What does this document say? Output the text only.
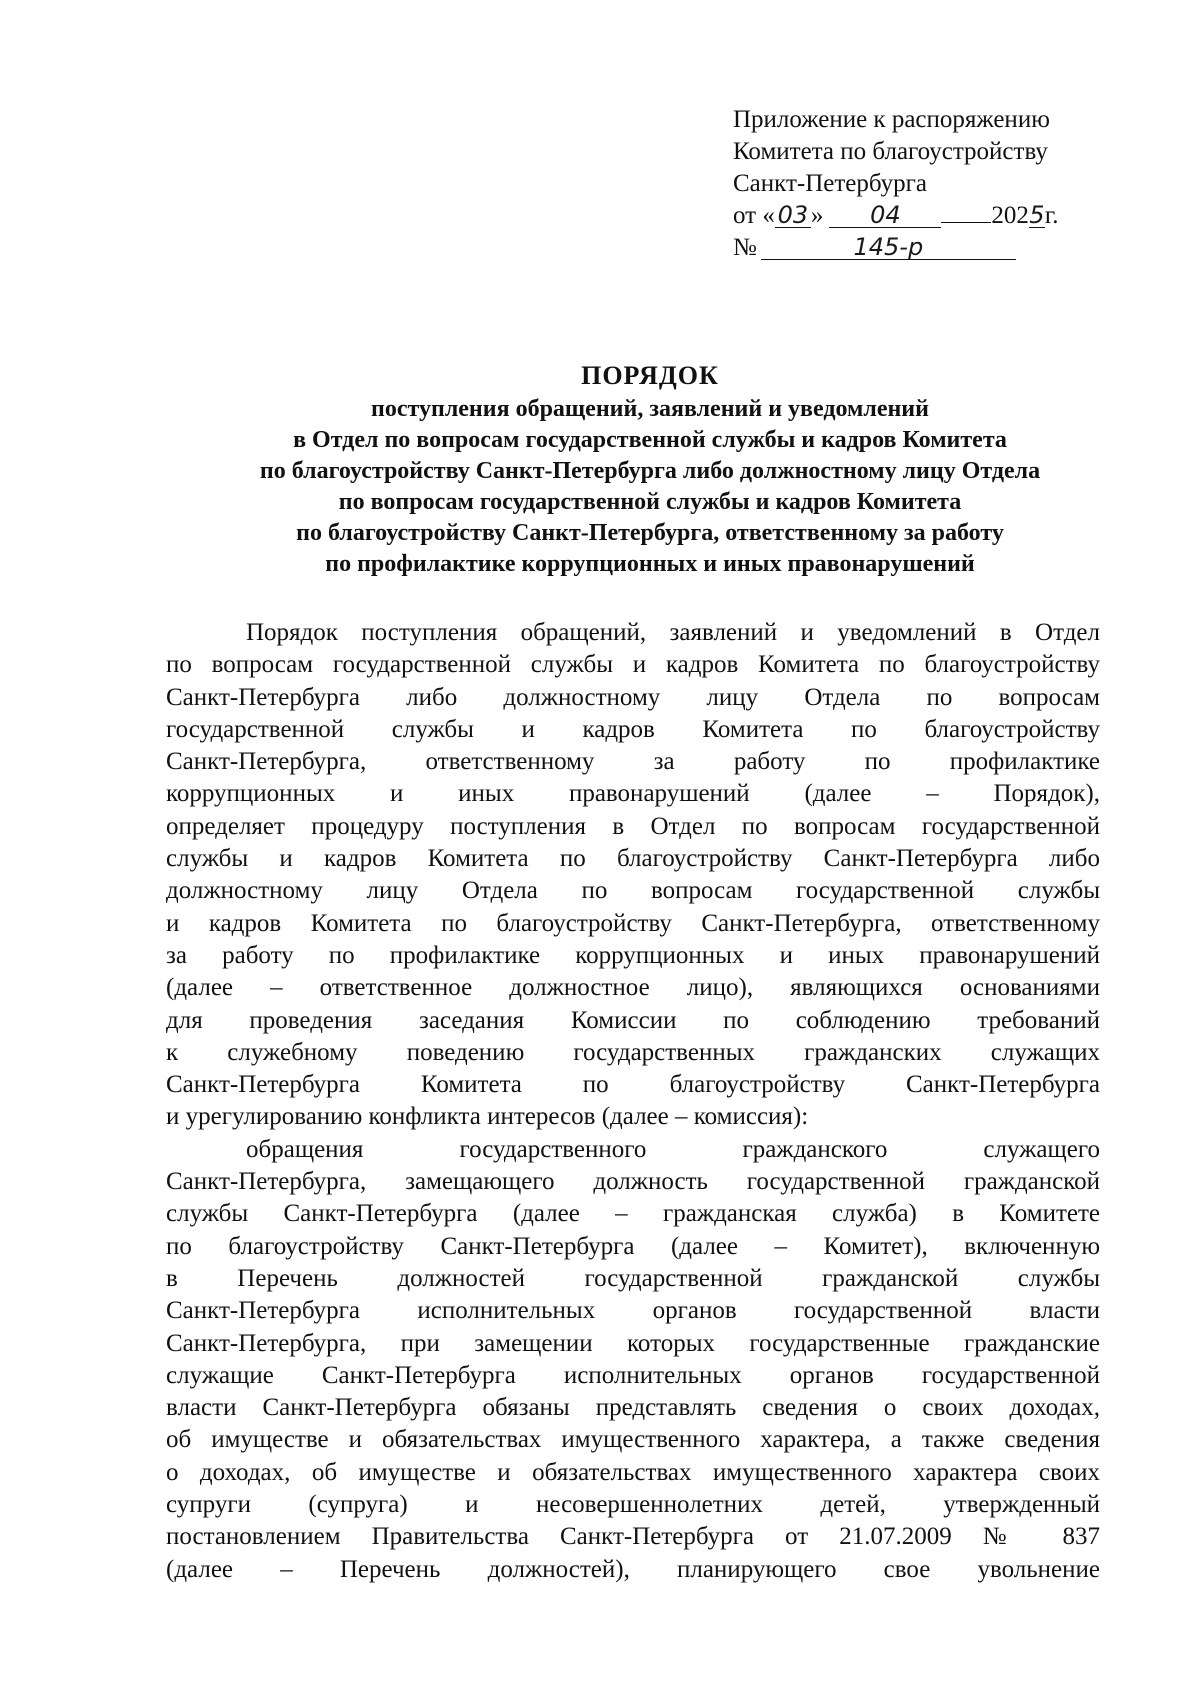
Приложение к распоряжению
Комитета по благоустройству
Санкт-Петербурга
от « 03 » 04	2025г.
№	145-р
ПОРЯДОК
поступления обращений, заявлений и уведомлений
в Отдел по вопросам государственной службы и кадров Комитета
по благоустройству Санкт-Петербурга либо должностному лицу Отдела
по вопросам государственной службы и кадров Комитета
по благоустройству Санкт-Петербурга, ответственному за работу
по профилактике коррупционных и иных правонарушений
Порядок поступления обращений, заявлений и уведомлений в Отдел
по вопросам государственной службы и кадров Комитета по благоустройству
Санкт-Петербурга либо должностному лицу Отдела по вопросам
государственной службы и кадров Комитета по благоустройству
Санкт-Петербурга, ответственному за работу по профилактике
коррупционных и иных правонарушений (далее – Порядок),
определяет процедуру поступления в Отдел по вопросам государственной
службы и кадров Комитета по благоустройству Санкт-Петербурга либо
должностному лицу Отдела по вопросам государственной службы
и кадров Комитета по благоустройству Санкт-Петербурга, ответственному
за работу по профилактике коррупционных и иных правонарушений
(далее – ответственное должностное лицо), являющихся основаниями
для проведения заседания Комиссии по соблюдению требований
к служебному поведению государственных гражданских служащих
Санкт-Петербурга Комитета по благоустройству Санкт-Петербурга
и урегулированию конфликта интересов (далее – комиссия):
обращения государственного гражданского служащего
Санкт-Петербурга, замещающего должность государственной гражданской
службы Санкт-Петербурга (далее – гражданская служба) в Комитете
по благоустройству Санкт-Петербурга (далее – Комитет), включенную
в Перечень должностей государственной гражданской службы
Санкт-Петербурга исполнительных органов государственной власти
Санкт-Петербурга, при замещении которых государственные гражданские
служащие Санкт-Петербурга исполнительных органов государственной
власти Санкт-Петербурга обязаны представлять сведения о своих доходах,
об имуществе и обязательствах имущественного характера, а также сведения
о доходах, об имуществе и обязательствах имущественного характера своих
супруги (супруга) и несовершеннолетних детей, утвержденный
постановлением Правительства Санкт-Петербурга от 21.07.2009 № 837
(далее – Перечень должностей), планирующего свое увольнение
